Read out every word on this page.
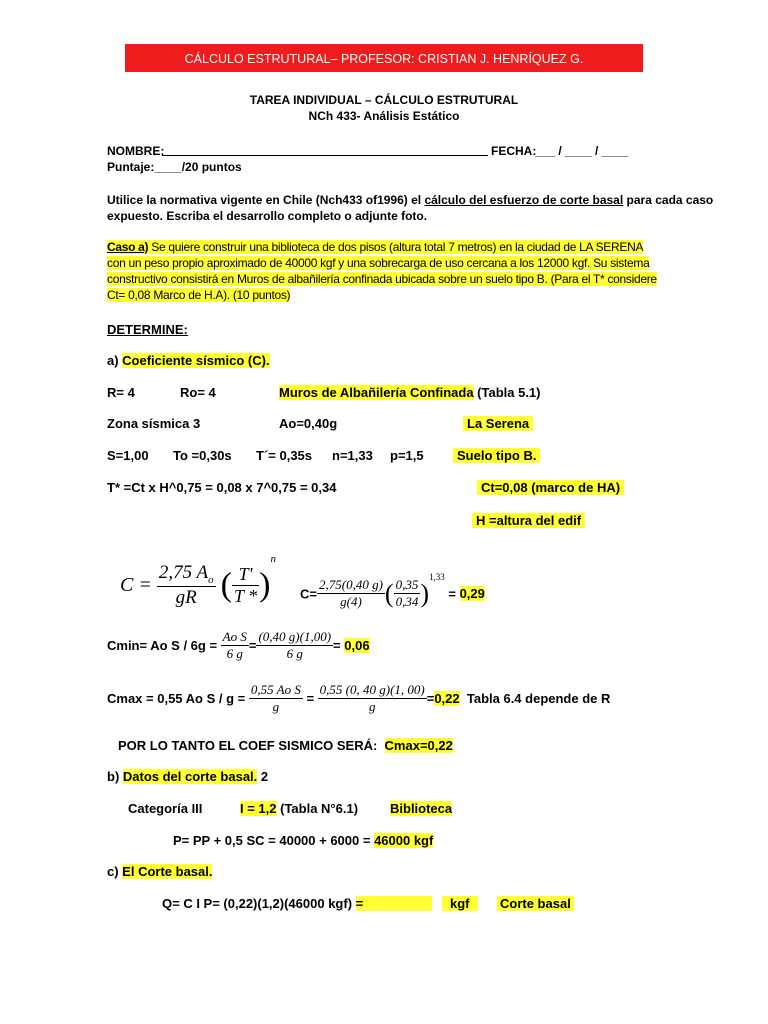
CÁLCULO ESTRUTURAL– PROFESOR: CRISTIAN J. HENRÍQUEZ G.
TAREA INDIVIDUAL – CÁLCULO ESTRUTURAL
NCh 433- Análisis Estático
NOMBRE:	FECHA:
___ / ____ / ____
Puntaje: ____/20 puntos
Utilice la normativa vigente en Chile (Nch433 of1996) el cálculo del esfuerzo de corte basal para cada caso
expuesto. Escriba el desarrollo completo o adjunte foto.
Caso a) Se quiere construir una biblioteca de dos pisos (altura total 7 metros) en la ciudad de LA SERENA
con un peso propio aproximado de 40000 kgf y una sobrecarga de uso cercana a los 12000 kgf. Su sistema
constructivo consistirá en Muros de albañilería confinada ubicada sobre un suelo tipo B. (Para el T* considere
Ct= 0,08 Marco de H.A). (10 puntos)
DETERMINE:
a) Coeficiente sísmico (C).
R= 4	Ro= 4	Muros de Albañilería Confinada (Tabla 5.1)
Zona sísmica 3	Ao=0,40g	La Serena
S=1,00 To =0,30s T´= 0,35s n=1,33 p=1,5	Suelo tipo B.
T* =Ct x H^0,75 = 0,08 x 7^0,75 = 0,34	Ct=0,08 (marco de HA)
H =altura del edif
$C = \frac{2,75 A_o}{gR}$ ( $\frac{T'}{T *} )^n$
$C= \frac{2,75(0,40 g)}{g(4)}$ ( $\frac{0,35}{0,34} )^{1,33} = 0,29$
Cmin= Ao $S / 6g = \frac{\text{Ao S}}{6 g} = \frac{(0,40 g)(1,00)}{6 g} = 0,06$
Cmax = 0,55 Ao $S / g = \frac{\text{0,55 Ao S}}{g} = \frac{0,55 (0, 40 g)(1, 00)}{g} =0,22$  Tabla 6.4 depende de R
POR LO TANTO EL COEF SISMICO SERÁ:  Cmax=0,22
b) Datos del corte basal. 2
Categoría III	I = 1,2 (Tabla N°6.1) Biblioteca
P= PP + 0,5 SC = 40000 + 6000 = 46000 kgf
c) El Corte basal.
Q= C I P= (0,22)(1,2)(46000 kgf) =	kgf	Corte basal
